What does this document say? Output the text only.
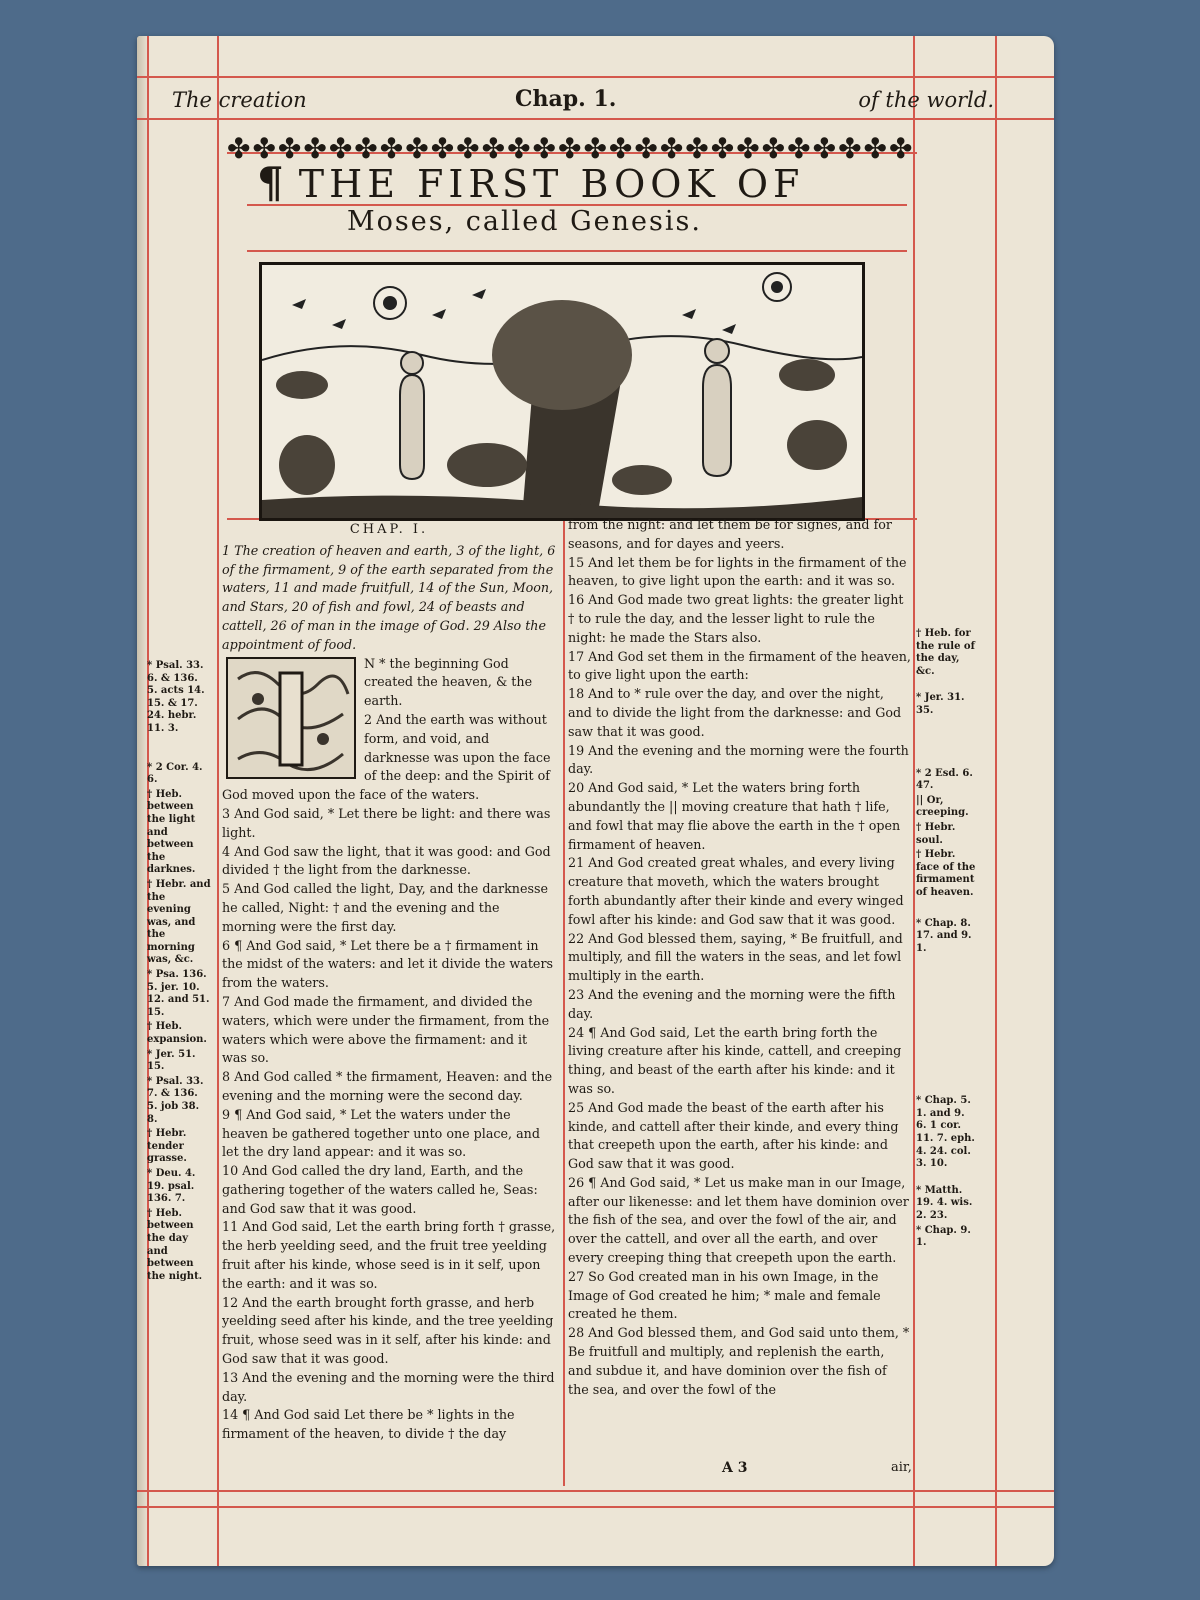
The creation	Chap. 1.	of the world.
✤✤✤✤✤✤✤✤✤✤✤✤✤✤✤✤✤✤✤✤✤✤✤✤✤✤✤
¶ THE FIRST BOOK OF
Moses, called Genesis.

CHAP. I.

1 The creation of heaven and earth, 3 of the light, 6 of the firmament, 9 of the earth separated from the waters, 11 and made fruitfull, 14 of the Sun, Moon, and Stars, 20 of fish and fowl, 24 of beasts and cattell, 26 of man in the image of God. 29 Also the appointment of food.

N * the beginning God created the heaven, & the earth.

2 And the earth was without form, and void, and darknesse was upon the face of the deep: and the Spirit of God moved upon the face of the waters.

3 And God said, * Let there be light: and there was light.

4 And God saw the light, that it was good: and God divided † the light from the darknesse.

5 And God called the light, Day, and the darknesse he called, Night: † and the evening and the morning were the first day.

6 ¶ And God said, * Let there be a † firmament in the midst of the waters: and let it divide the waters from the waters.

7 And God made the firmament, and divided the waters, which were under the firmament, from the waters which were above the firmament: and it was so.

8 And God called * the firmament, Heaven: and the evening and the morning were the second day.

9 ¶ And God said, * Let the waters under the heaven be gathered together unto one place, and let the dry land appear: and it was so.

10 And God called the dry land, Earth, and the gathering together of the waters called he, Seas: and God saw that it was good.

11 And God said, Let the earth bring forth † grasse, the herb yeelding seed, and the fruit tree yeelding fruit after his kinde, whose seed is in it self, upon the earth: and it was so.

12 And the earth brought forth grasse, and herb yeelding seed after his kinde, and the tree yeelding fruit, whose seed was in it self, after his kinde: and God saw that it was good.

13 And the evening and the morning were the third day.

14 ¶ And God said Let there be * lights in the firmament of the heaven, to divide † the day

from the night: and let them be for signes, and for seasons, and for dayes and yeers.

15 And let them be for lights in the firmament of the heaven, to give light upon the earth: and it was so.

16 And God made two great lights: the greater light † to rule the day, and the lesser light to rule the night: he made the Stars also.

17 And God set them in the firmament of the heaven, to give light upon the earth:

18 And to * rule over the day, and over the night, and to divide the light from the darknesse: and God saw that it was good.

19 And the evening and the morning were the fourth day.

20 And God said, * Let the waters bring forth abundantly the || moving creature that hath † life, and fowl that may flie above the earth in the † open firmament of heaven.

21 And God created great whales, and every living creature that moveth, which the waters brought forth abundantly after their kinde and every winged fowl after his kinde: and God saw that it was good.

22 And God blessed them, saying, * Be fruitfull, and multiply, and fill the waters in the seas, and let fowl multiply in the earth.

23 And the evening and the morning were the fifth day.

24 ¶ And God said, Let the earth bring forth the living creature after his kinde, cattell, and creeping thing, and beast of the earth after his kinde: and it was so.

25 And God made the beast of the earth after his kinde, and cattell after their kinde, and every thing that creepeth upon the earth, after his kinde: and God saw that it was good.

26 ¶ And God said, * Let us make man in our Image, after our likenesse: and let them have dominion over the fish of the sea, and over the fowl of the air, and over the cattell, and over all the earth, and over every creeping thing that creepeth upon the earth.

27 So God created man in his own Image, in the Image of God created he him; * male and female created he them.

28 And God blessed them, and God said unto them, * Be fruitfull and multiply, and replenish the earth, and subdue it, and have dominion over the fish of the sea, and over the fowl of the

* Psal. 33. 6. & 136. 5. acts 14. 15. & 17. 24. hebr. 11. 3.

* 2 Cor. 4. 6.

† Heb. between the light and between the darknes.

† Hebr. and the evening was, and the morning was, &c.

* Psa. 136. 5. jer. 10. 12. and 51. 15.

† Heb. expansion.

* Jer. 51. 15.

* Psal. 33. 7. & 136. 5. job 38. 8.

† Hebr. tender grasse.

* Deu. 4. 19. psal. 136. 7.

† Heb. between the day and between the night.

† Heb. for the rule of the day, &c.

* Jer. 31. 35.

* 2 Esd. 6. 47.

|| Or, creeping.

† Hebr. soul.

† Hebr. face of the firmament of heaven.

* Chap. 8. 17. and 9. 1.

* Chap. 5. 1. and 9. 6. 1 cor. 11. 7. eph. 4. 24. col. 3. 10.

* Matth. 19. 4. wis. 2. 23.

* Chap. 9. 1.

A 3	air,
